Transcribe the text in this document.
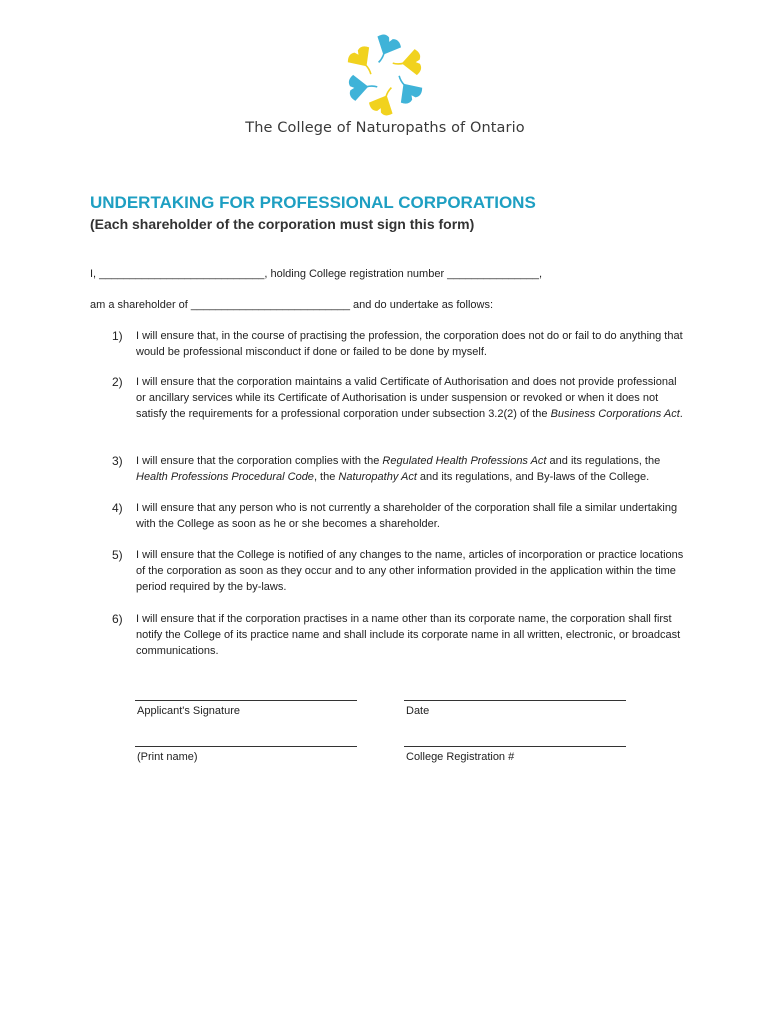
The College of Naturopaths of Ontario
UNDERTAKING FOR PROFESSIONAL CORPORATIONS
(Each shareholder of the corporation must sign this form)
I, ___________________________, holding College registration number _______________,
am a shareholder of __________________________ and do undertake as follows:
1) I will ensure that, in the course of practising the profession, the corporation does not do or fail to do anything that would be professional misconduct if done or failed to be done by myself.
2) I will ensure that the corporation maintains a valid Certificate of Authorisation and does not provide professional or ancillary services while its Certificate of Authorisation is under suspension or revoked or when it does not satisfy the requirements for a professional corporation under subsection 3.2(2) of the Business Corporations Act.
3) I will ensure that the corporation complies with the Regulated Health Professions Act and its regulations, the Health Professions Procedural Code, the Naturopathy Act and its regulations, and By-laws of the College.
4) I will ensure that any person who is not currently a shareholder of the corporation shall file a similar undertaking with the College as soon as he or she becomes a shareholder.
5) I will ensure that the College is notified of any changes to the name, articles of incorporation or practice locations of the corporation as soon as they occur and to any other information provided in the application within the time period required by the by-laws.
6) I will ensure that if the corporation practises in a name other than its corporate name, the corporation shall first notify the College of its practice name and shall include its corporate name in all written, electronic, or broadcast communications.
Applicant's Signature	Date
(Print name)	College Registration #
